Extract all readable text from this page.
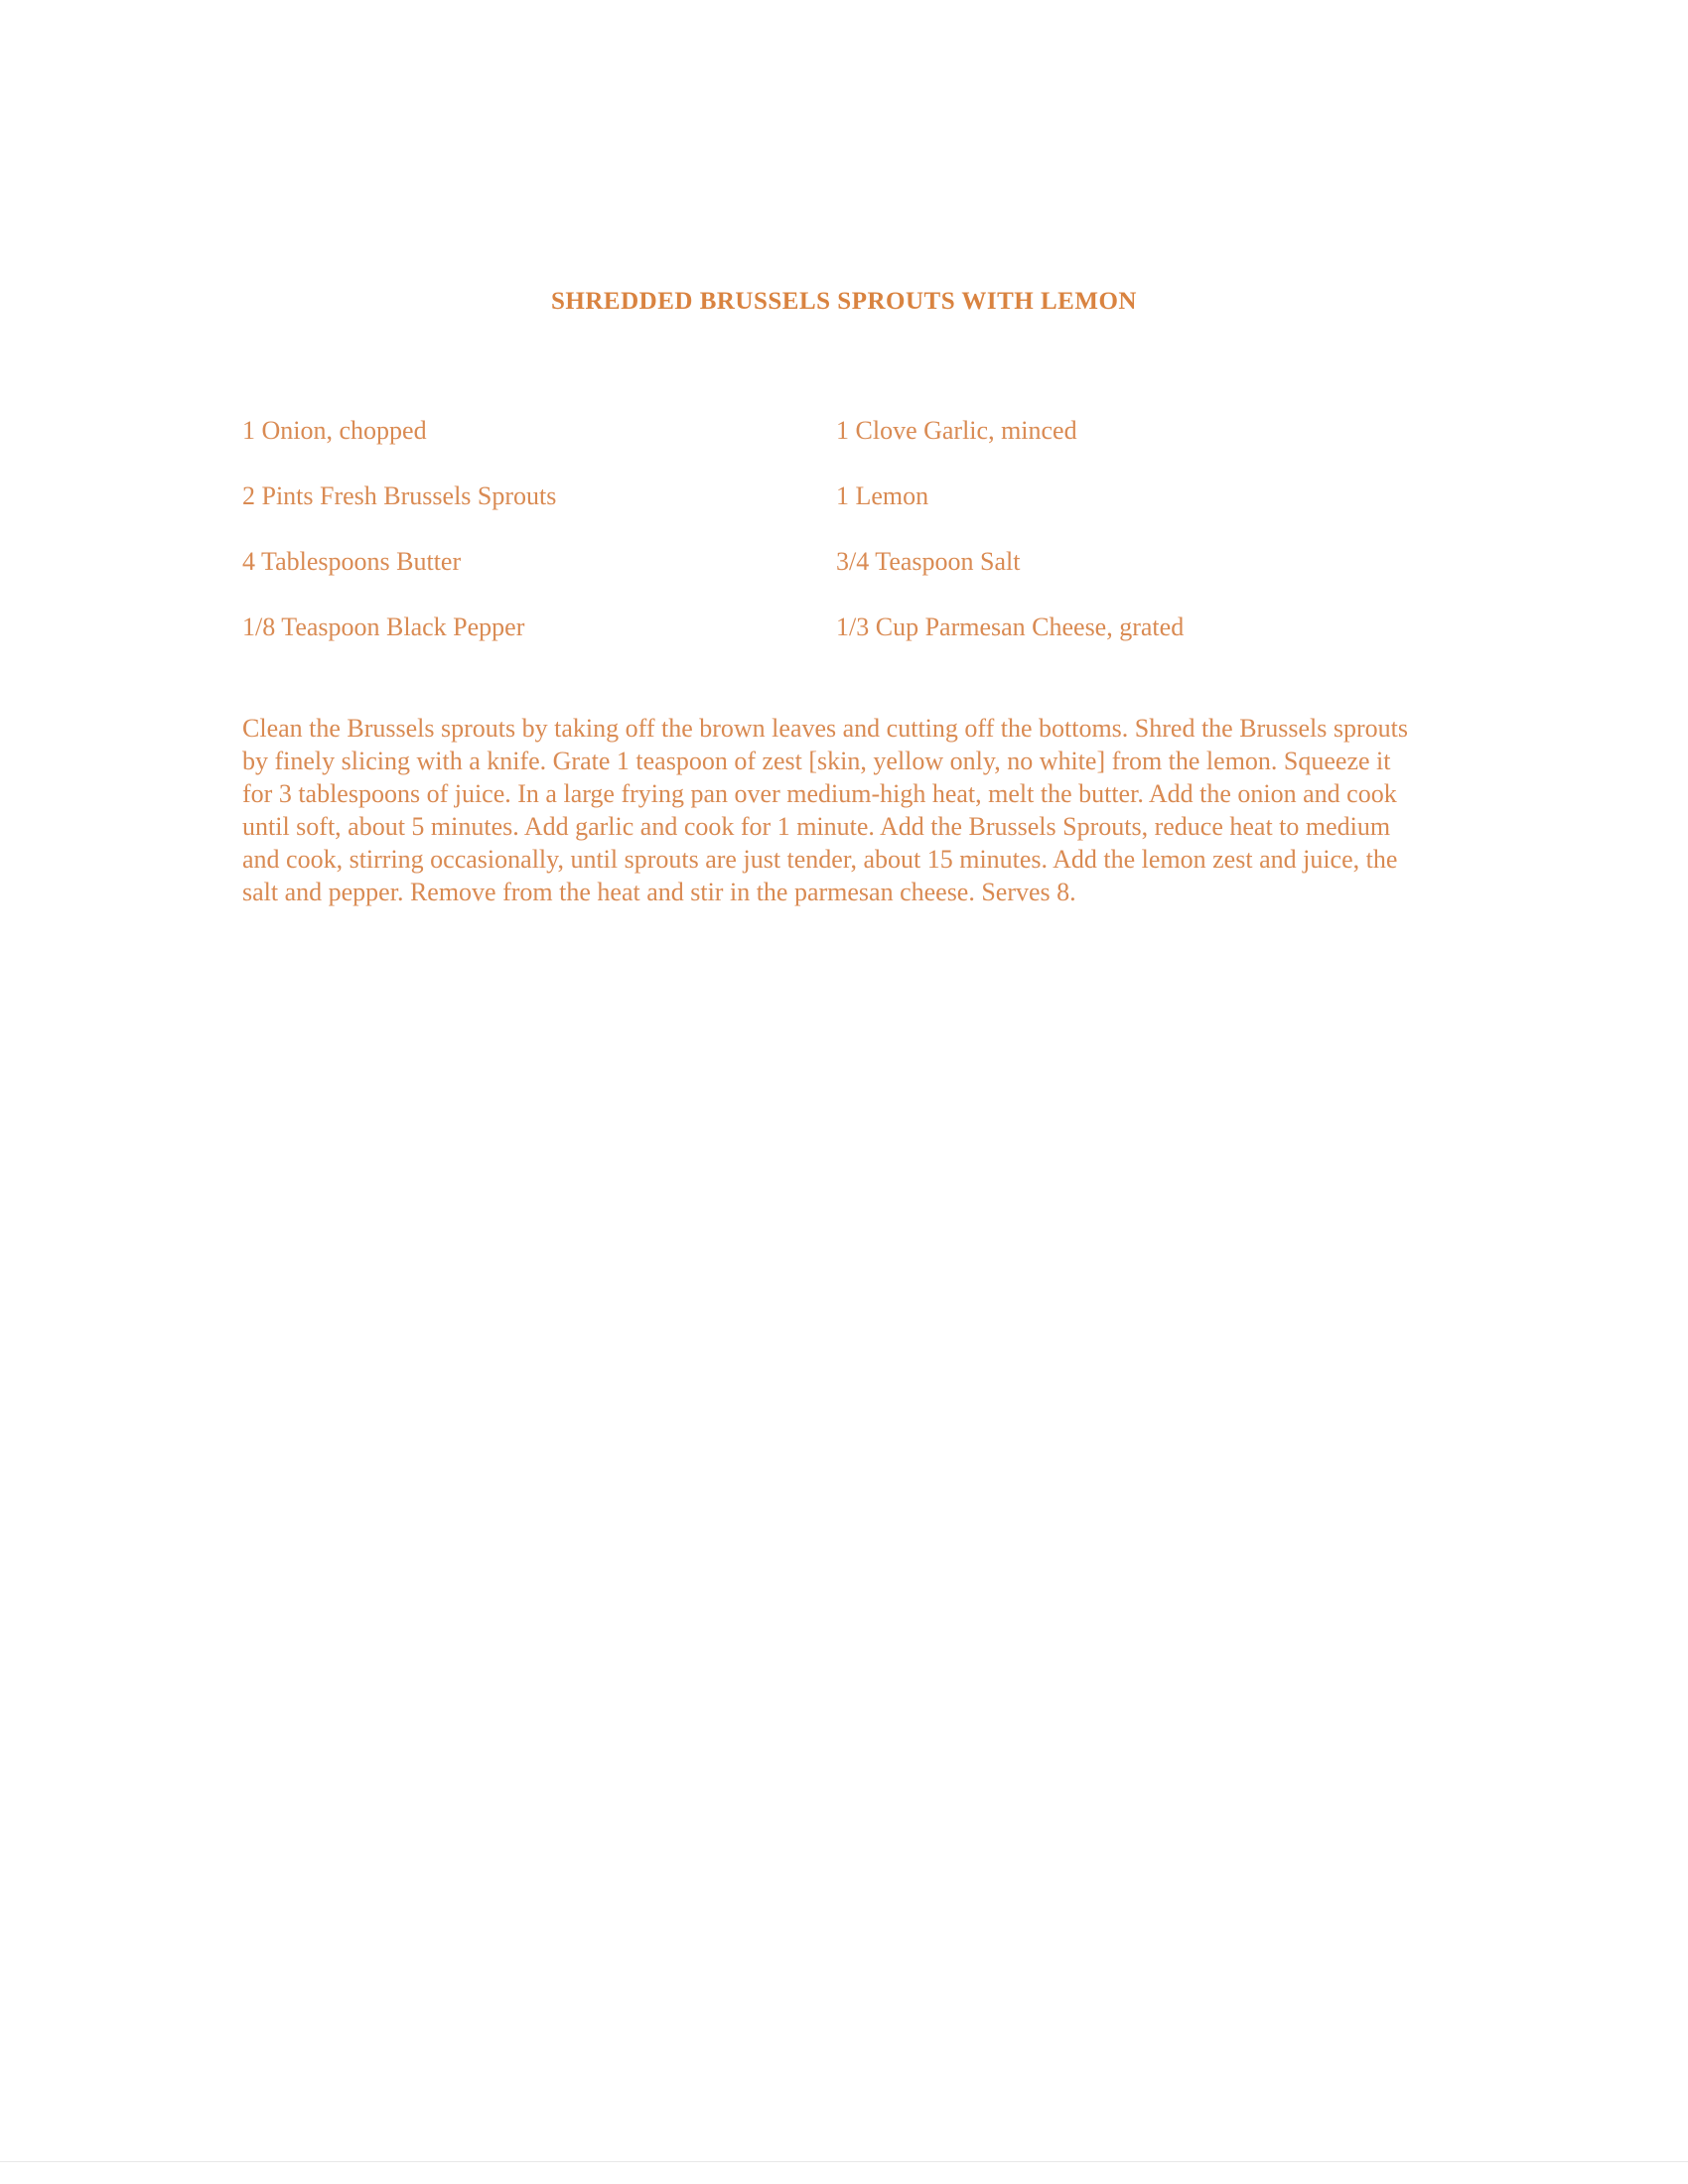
SHREDDED BRUSSELS SPROUTS WITH LEMON
1 Onion, chopped	1 Clove Garlic, minced
2 Pints Fresh Brussels Sprouts	1 Lemon
4 Tablespoons Butter	3/4 Teaspoon Salt
1/8 Teaspoon Black Pepper	1/3 Cup Parmesan Cheese, grated

Clean the Brussels sprouts by taking off the brown leaves and cutting off the bottoms. Shred the Brussels sprouts by finely slicing with a knife. Grate 1 teaspoon of zest [skin, yellow only, no white] from the lemon. Squeeze it for 3 tablespoons of juice. In a large frying pan over medium-high heat, melt the butter. Add the onion and cook until soft, about 5 minutes. Add garlic and cook for 1 minute. Add the Brussels Sprouts, reduce heat to medium and cook, stirring occasionally, until sprouts are just tender, about 15 minutes. Add the lemon zest and juice, the salt and pepper. Remove from the heat and stir in the parmesan cheese. Serves 8.
